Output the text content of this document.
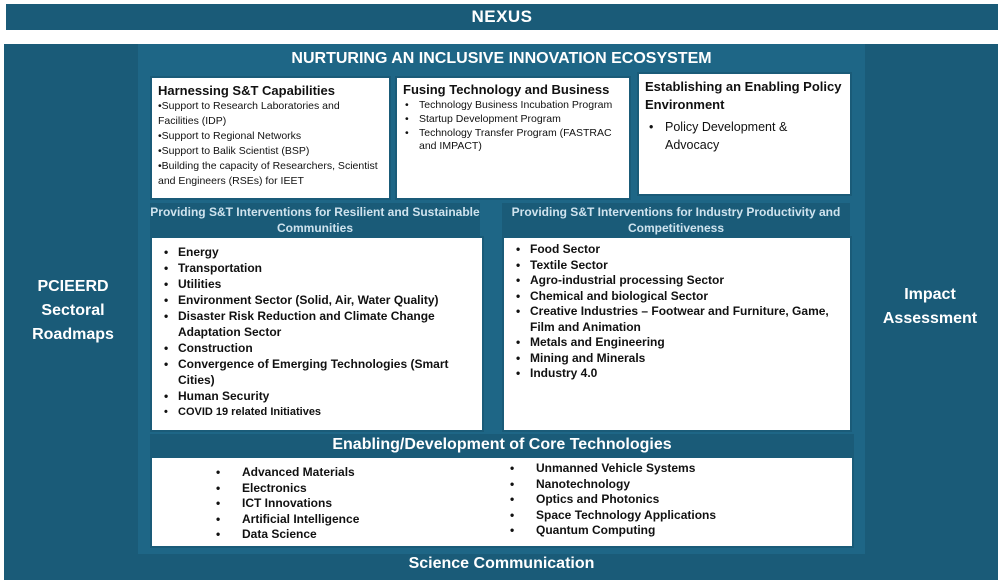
NEXUS
PCIEERD
Sectoral
Roadmaps
Impact
Assessment
NURTURING AN INCLUSIVE INNOVATION ECOSYSTEM
Harnessing S&T Capabilities
•Support to Research Laboratories and Facilities (IDP)
•Support to Regional Networks
•Support to Balik Scientist (BSP)
•Building the capacity of Researchers, Scientist and Engineers (RSEs) for IEET
Fusing Technology and Business
• Technology Business Incubation Program
• Startup Development Program
• Technology Transfer Program (FASTRAC and IMPACT)
Establishing an Enabling Policy Environment
• Policy Development & Advocacy
Providing S&T Interventions for Resilient and Sustainable Communities
• Energy
• Transportation
• Utilities
• Environment Sector (Solid, Air, Water Quality)
• Disaster Risk Reduction and Climate Change Adaptation Sector
• Construction
• Convergence of Emerging Technologies (Smart Cities)
• Human Security
• COVID 19 related Initiatives
Providing S&T Interventions for Industry Productivity and Competitiveness
• Food Sector
• Textile Sector
• Agro-industrial processing Sector
• Chemical and biological Sector
• Creative Industries – Footwear and Furniture, Game, Film and Animation
• Metals and Engineering
• Mining and Minerals
• Industry 4.0
Enabling/Development of Core Technologies
• Advanced Materials
• Electronics
• ICT Innovations
• Artificial Intelligence
• Data Science
• Unmanned Vehicle Systems
• Nanotechnology
• Optics and Photonics
• Space Technology Applications
• Quantum Computing
Science Communication
